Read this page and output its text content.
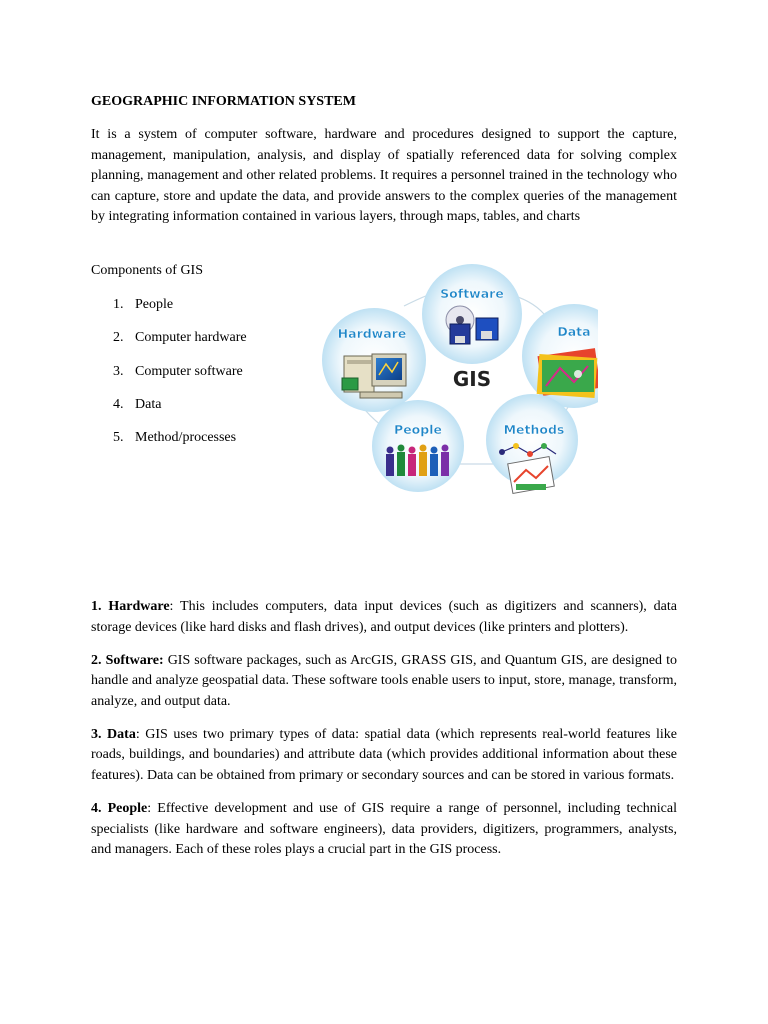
GEOGRAPHIC INFORMATION SYSTEM

It is a system of computer software, hardware and procedures designed to support the capture, management, manipulation, analysis, and display of spatially referenced data for solving complex planning, management and other related problems. It requires a personnel trained in the technology who can capture, store and update the data, and provide answers to the complex queries of the management by integrating information contained in various layers, through maps, tables, and charts

Components of GIS

1. People
2. Computer hardware
3. Computer software
4. Data
5. Method/processes

1. Hardware: This includes computers, data input devices (such as digitizers and scanners), data storage devices (like hard disks and flash drives), and output devices (like printers and plotters).

2. Software: GIS software packages, such as ArcGIS, GRASS GIS, and Quantum GIS, are designed to handle and analyze geospatial data. These software tools enable users to input, store, manage, transform, analyze, and output data.

3. Data: GIS uses two primary types of data: spatial data (which represents real-world features like roads, buildings, and boundaries) and attribute data (which provides additional information about these features). Data can be obtained from primary or secondary sources and can be stored in various formats.

4. People: Effective development and use of GIS require a range of personnel, including technical specialists (like hardware and software engineers), data providers, digitizers, programmers, analysts, and managers. Each of these roles plays a crucial part in the GIS process.

Software
Hardware	Data
People	Methods
GIS
